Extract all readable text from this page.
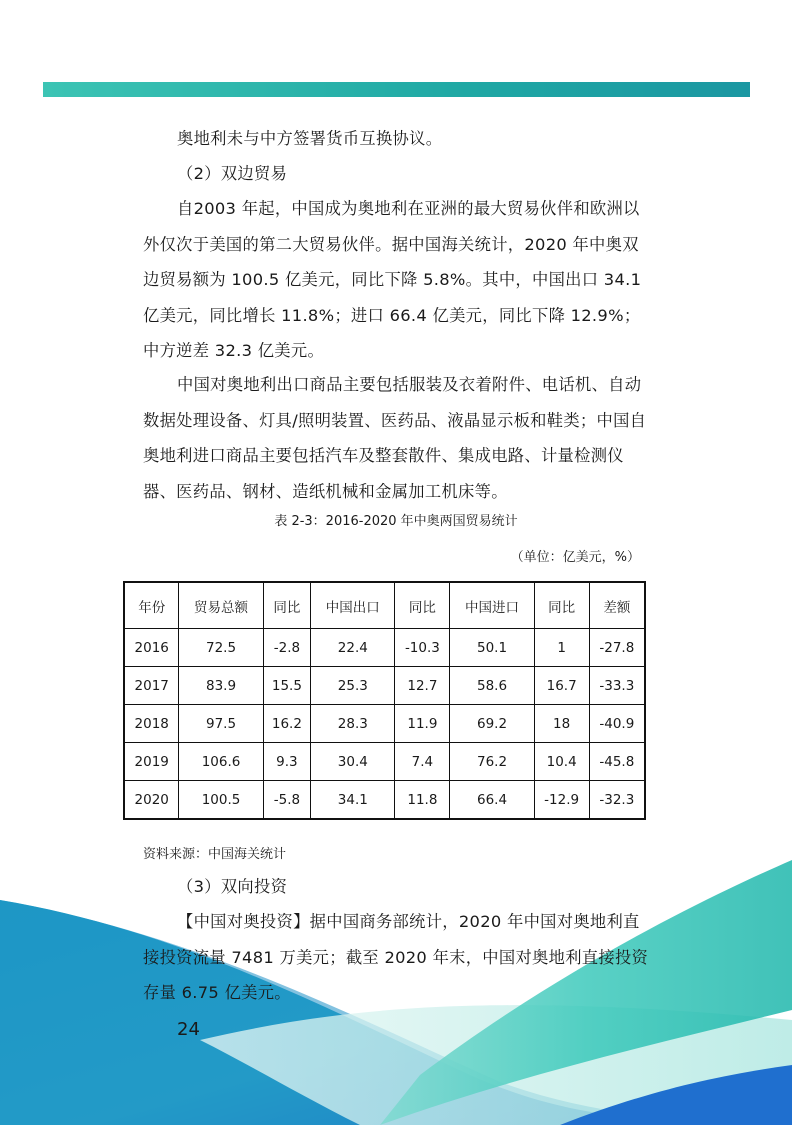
奥地利未与中方签署货币互换协议。

（2）双边贸易

自2003 年起，中国成为奥地利在亚洲的最大贸易伙伴和欧洲以外仅次于美国的第二大贸易伙伴。据中国海关统计，2020 年中奥双边贸易额为 100.5 亿美元，同比下降 5.8%。其中，中国出口 34.1 亿美元，同比增长 11.8%；进口 66.4 亿美元，同比下降 12.9%；中方逆差 32.3 亿美元。

中国对奥地利出口商品主要包括服装及衣着附件、电话机、自动数据处理设备、灯具/照明装置、医药品、液晶显示板和鞋类；中国自奥地利进口商品主要包括汽车及整套散件、集成电路、计量检测仪器、医药品、钢材、造纸机械和金属加工机床等。

表 2-3：2016-2020 年中奥两国贸易统计
（单位：亿美元，%）
年份	贸易总额	同比	中国出口	同比	中国进口	同比	差额
2016	72.5	-2.8	22.4	-10.3	50.1	1	-27.8
2017	83.9	15.5	25.3	12.7	58.6	16.7	-33.3
2018	97.5	16.2	28.3	11.9	69.2	18	-40.9
2019	106.6	9.3	30.4	7.4	76.2	10.4	-45.8
2020	100.5	-5.8	34.1	11.8	66.4	-12.9	-32.3
资料来源：中国海关统计

（3）双向投资

【中国对奥投资】据中国商务部统计，2020 年中国对奥地利直接投资流量 7481 万美元；截至 2020 年末，中国对奥地利直接投资存量 6.75 亿美元。

24
